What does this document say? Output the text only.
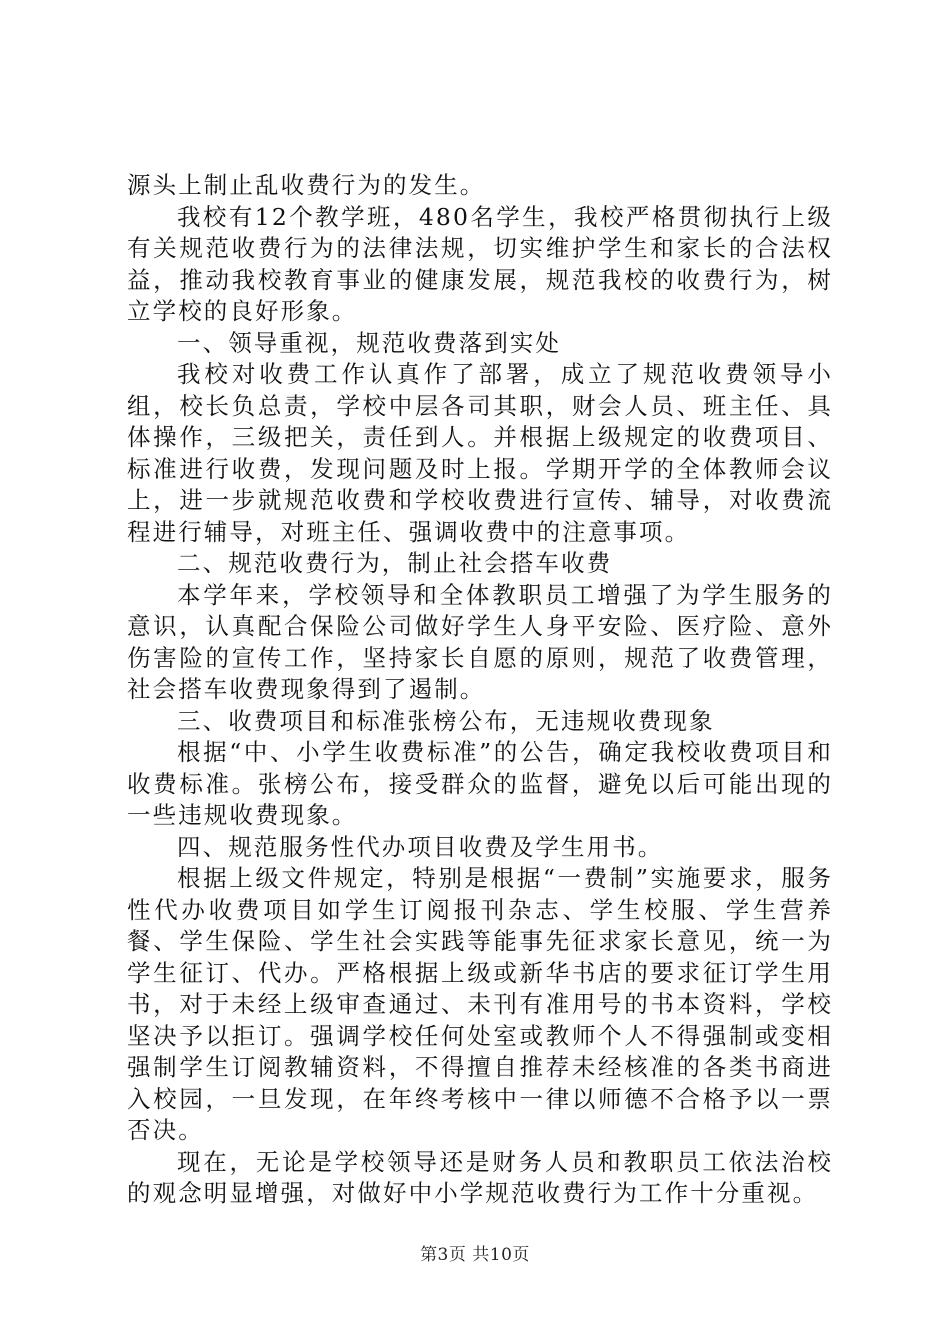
源头上制止乱收费行为的发生。

我校有12个教学班，480名学生，我校严格贯彻执行上级有关规范收费行为的法律法规，切实维护学生和家长的合法权益，推动我校教育事业的健康发展，规范我校的收费行为，树立学校的良好形象。

一、领导重视，规范收费落到实处

我校对收费工作认真作了部署，成立了规范收费领导小组，校长负总责，学校中层各司其职，财会人员、班主任、具体操作，三级把关，责任到人。并根据上级规定的收费项目、标准进行收费，发现问题及时上报。学期开学的全体教师会议上，进一步就规范收费和学校收费进行宣传、辅导，对收费流程进行辅导，对班主任、强调收费中的注意事项。

二、规范收费行为，制止社会搭车收费

本学年来，学校领导和全体教职员工增强了为学生服务的意识，认真配合保险公司做好学生人身平安险、医疗险、意外伤害险的宣传工作，坚持家长自愿的原则，规范了收费管理，社会搭车收费现象得到了遏制。

三、收费项目和标准张榜公布，无违规收费现象

根据“中、小学生收费标准”的公告，确定我校收费项目和收费标准。张榜公布，接受群众的监督，避免以后可能出现的一些违规收费现象。

四、规范服务性代办项目收费及学生用书。

根据上级文件规定，特别是根据“一费制”实施要求，服务性代办收费项目如学生订阅报刊杂志、学生校服、学生营养餐、学生保险、学生社会实践等能事先征求家长意见，统一为学生征订、代办。严格根据上级或新华书店的要求征订学生用书，对于未经上级审查通过、未刊有准用号的书本资料，学校坚决予以拒订。强调学校任何处室或教师个人不得强制或变相强制学生订阅教辅资料，不得擅自推荐未经核准的各类书商进入校园，一旦发现，在年终考核中一律以师德不合格予以一票否决。

现在，无论是学校领导还是财务人员和教职员工依法治校的观念明显增强，对做好中小学规范收费行为工作十分重视。

第3页 共10页
